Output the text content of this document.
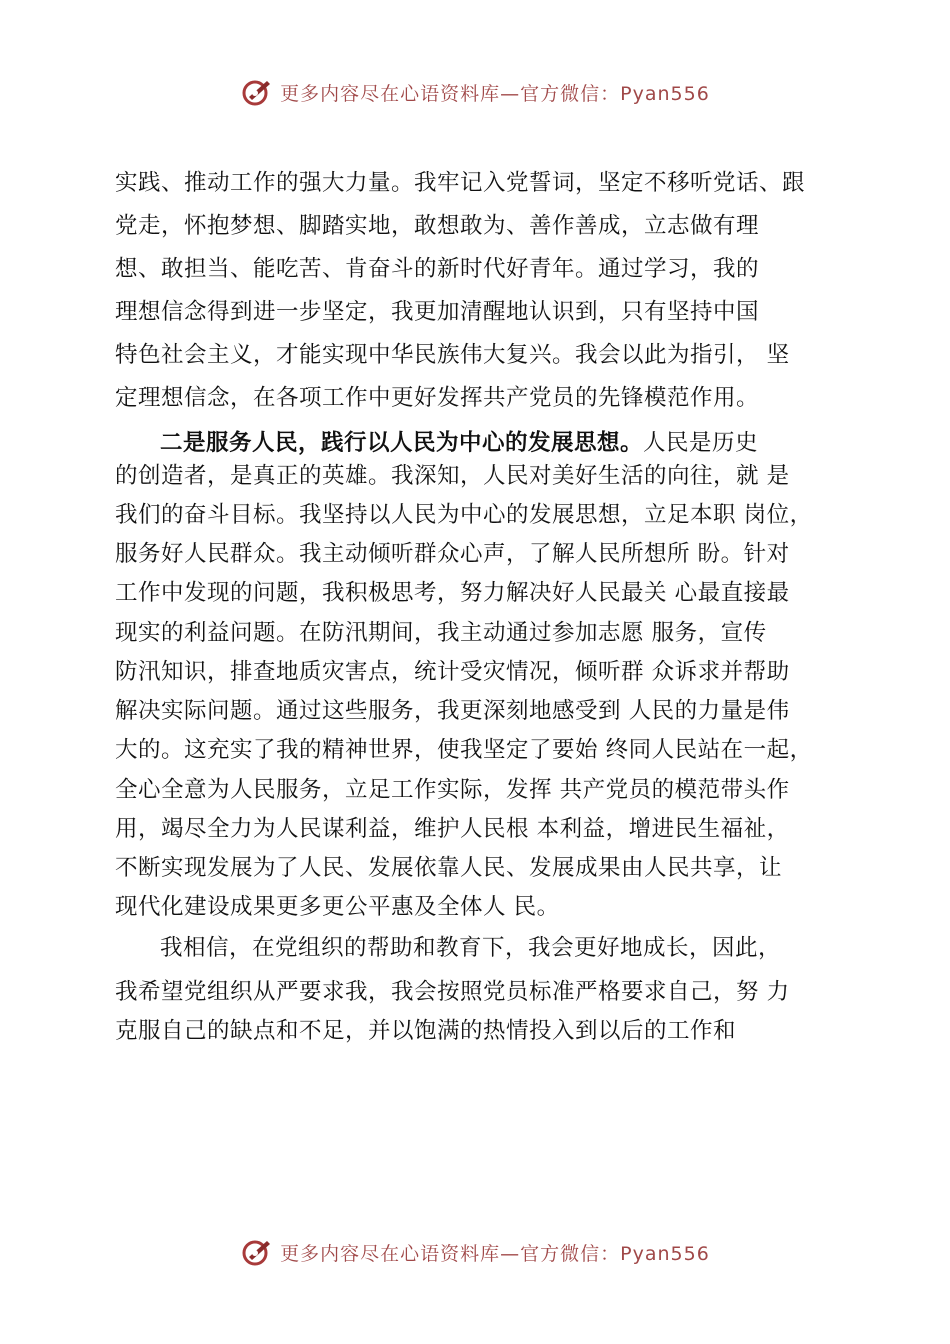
更多内容尽在心语资料库—官方微信：Pyan556
实践、推动工作的强大力量。我牢记入党誓词，坚定不移听党话、跟
党走，怀抱梦想、脚踏实地，敢想敢为、善作善成，立志做有理
想、敢担当、能吃苦、肯奋斗的新时代好青年。通过学习，我的
理想信念得到进一步坚定，我更加清醒地认识到，只有坚持中国
特色社会主义，才能实现中华民族伟大复兴。我会以此为指引， 坚
定理想信念，在各项工作中更好发挥共产党员的先锋模范作用。
二是服务人民，践行以人民为中心的发展思想。人民是历史
的创造者，是真正的英雄。我深知，人民对美好生活的向往，就 是
我们的奋斗目标。我坚持以人民为中心的发展思想，立足本职 岗位，
服务好人民群众。我主动倾听群众心声，了解人民所想所 盼。针对
工作中发现的问题，我积极思考，努力解决好人民最关 心最直接最
现实的利益问题。在防汛期间，我主动通过参加志愿 服务，宣传
防汛知识，排查地质灾害点，统计受灾情况，倾听群 众诉求并帮助
解决实际问题。通过这些服务，我更深刻地感受到 人民的力量是伟
大的。这充实了我的精神世界，使我坚定了要始 终同人民站在一起，
全心全意为人民服务，立足工作实际，发挥 共产党员的模范带头作
用，竭尽全力为人民谋利益，维护人民根 本利益，增进民生福祉，
不断实现发展为了人民、发展依靠人民、发展成果由人民共享，让
现代化建设成果更多更公平惠及全体人 民。
我相信，在党组织的帮助和教育下，我会更好地成长，因此，
我希望党组织从严要求我，我会按照党员标准严格要求自己，努 力
克服自己的缺点和不足，并以饱满的热情投入到以后的工作和
更多内容尽在心语资料库—官方微信：Pyan556
